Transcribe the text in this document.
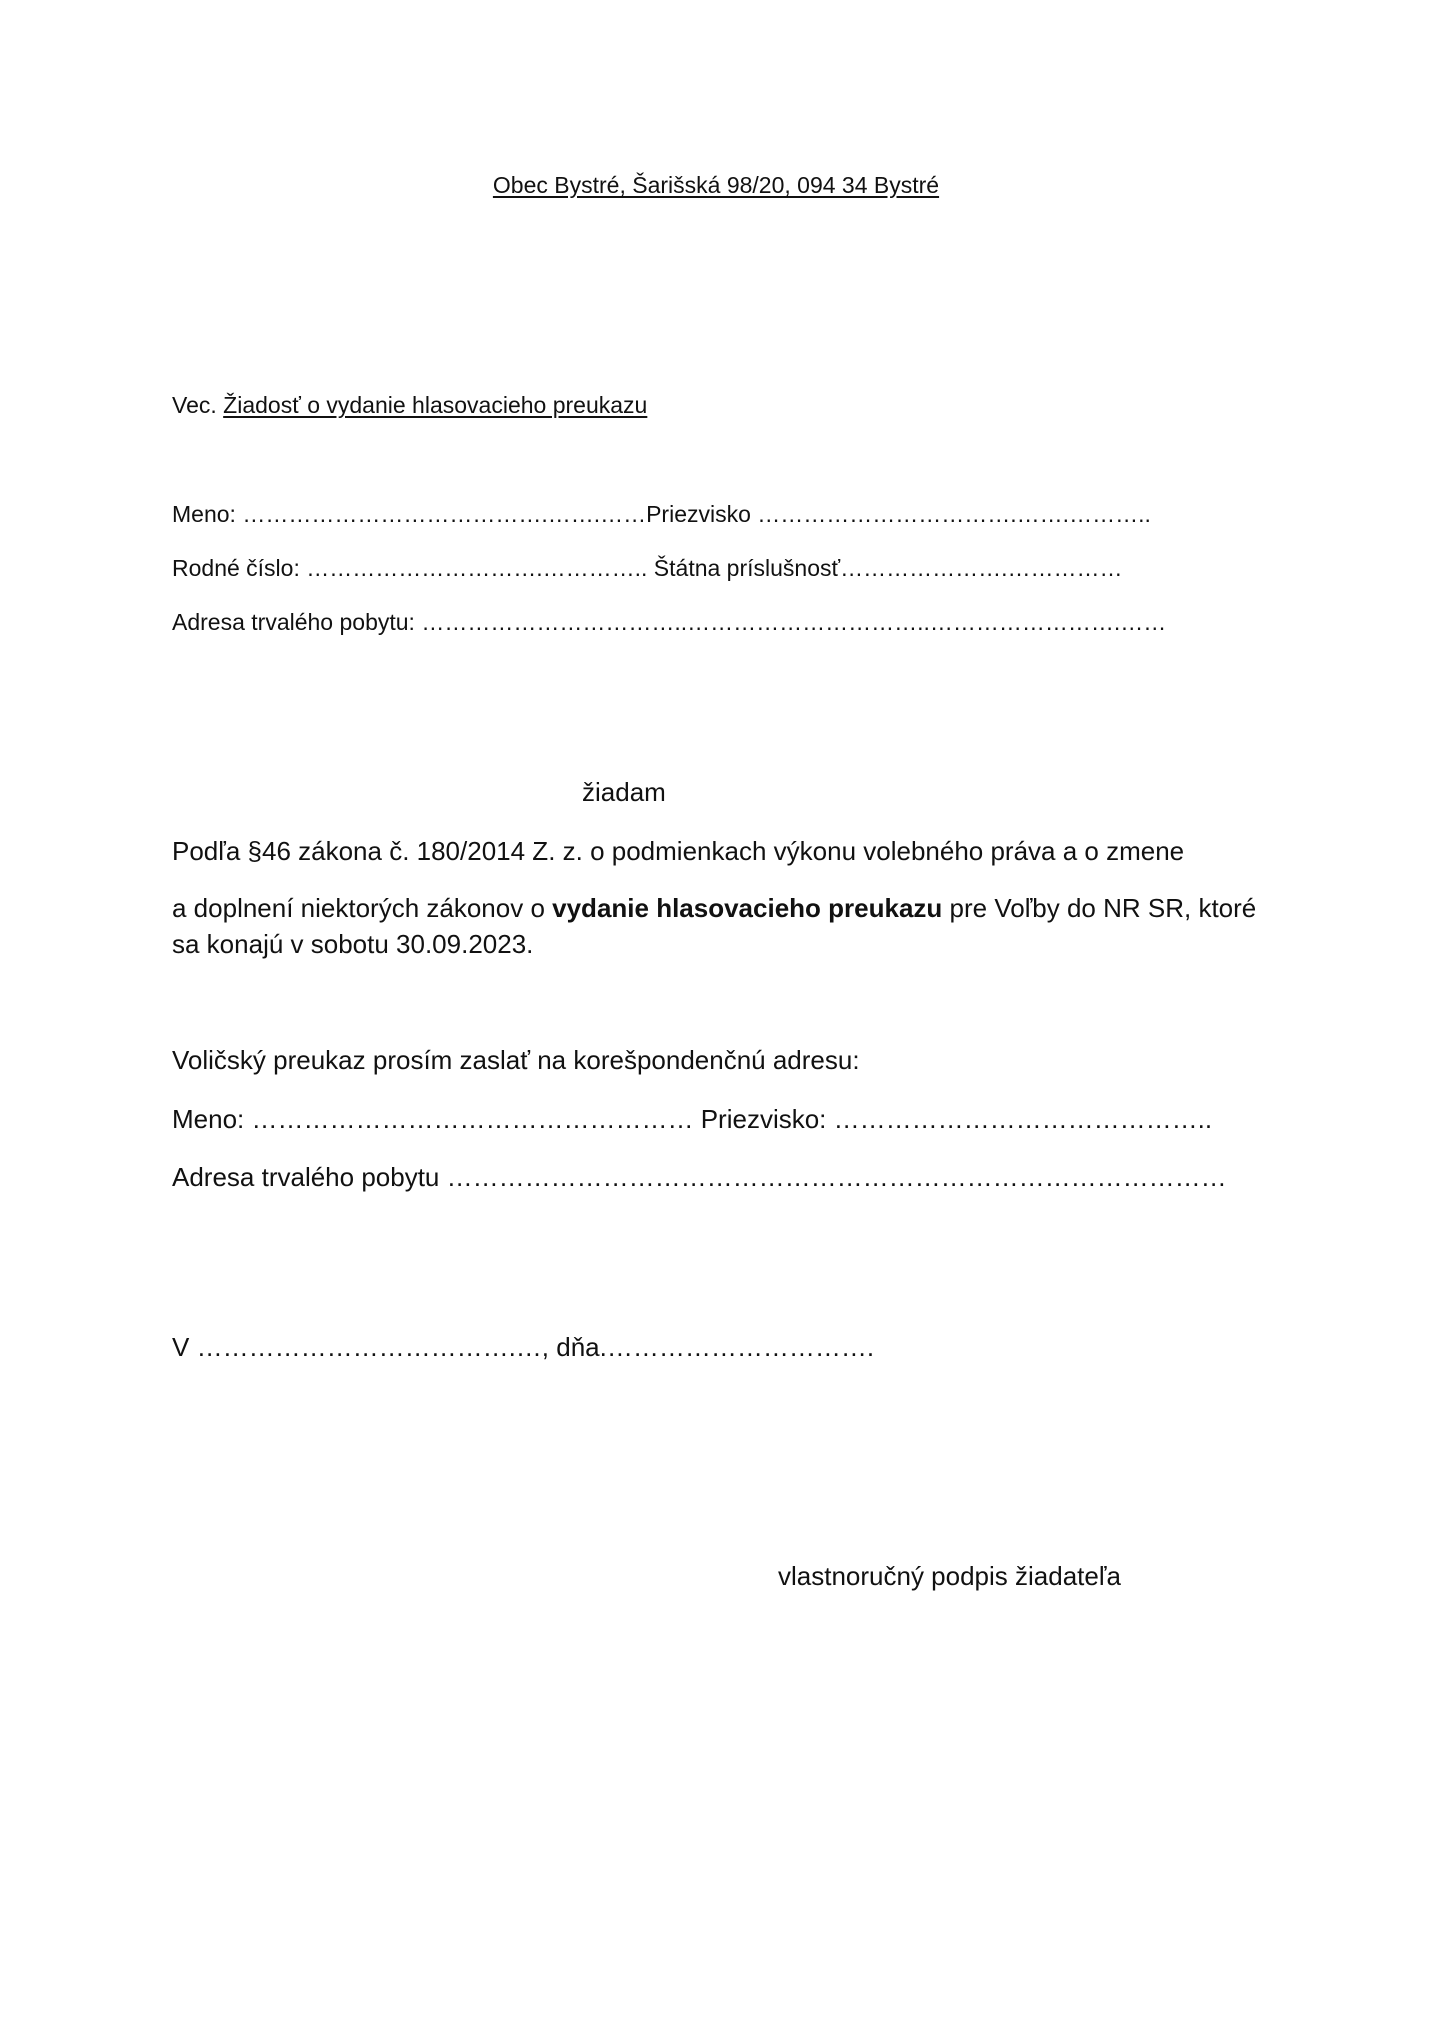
Obec Bystré, Šarišská 98/20, 094 34 Bystré
Vec. Žiadosť o vydanie hlasovacieho preukazu
Meno: ………………………………….…….……Priezvisko …………………………….…….………..
Rodné číslo: ………………………….………….. Štátna príslušnosť………………….……………
Adresa trvalého pobytu: ……………………………..…………………………..…………………….……
žiadam
Podľa §46 zákona č. 180/2014 Z. z. o podmienkach výkonu volebného práva a o zmene
a doplnení niektorých zákonov o vydanie hlasovacieho preukazu pre Voľby do NR SR, ktoré
sa konajú v sobotu 30.09.2023.
Voličský preukaz prosím zaslať na korešpondenčnú adresu:
Meno: …………………………………………… Priezvisko: ……………………………………..
Adresa trvalého pobytu ………………………………………………………………………………
V ……………………………….…, dňa.………………………….
vlastnoručný podpis žiadateľa
